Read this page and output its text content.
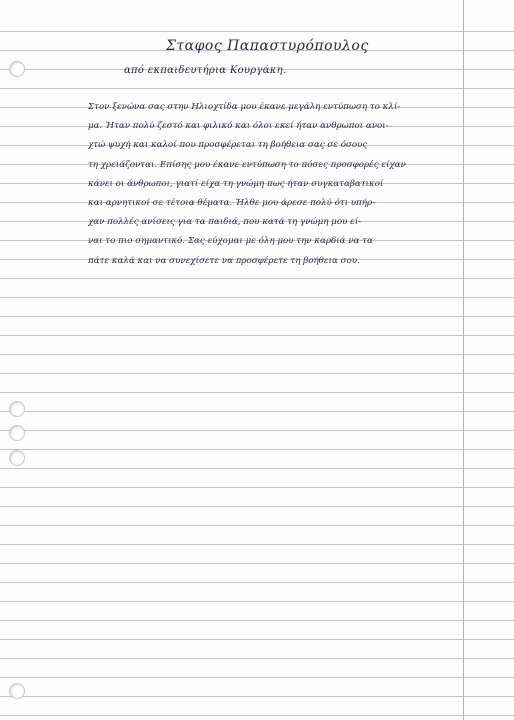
Σταφος Παπαστυρόπουλος
από εκπαιδευτήρια Κουργάκη.
Στον ξενώνα σας στην Ηλιοχτίδα μου έκανε μεγάλη εντύπωση το κλί-
μα. Ήταν πολύ ζεστό και φιλικό και όλοι εκεί ήταν ανθρωποι ανοι-
χτώ ψυχή και καλοί που προσφέρεται τη βοήθεια σας σε όσους
τη χρειάζονται. Επίσης μου έκανε εντύπωση το πόσες προσφορές είχαν
κάνει οι άνθρωποι, γιατί είχα τη γνώμη πως ήταν συγκαταβατικοί
και αρνητικοί σε τέτοια θέματα. Ήλθε μου άρεσε πολύ ότι υπήρ-
χαν πολλές ανίσεις για τα παιδιά, που κατά τη γνώμη μου εί-
ναι το πιο σημαντικό. Σας εύχομαι με όλη μου την καρδιά να τα
πάτε καλά και να συνεχίσετε να προσφέρετε τη βοήθεια σου.
